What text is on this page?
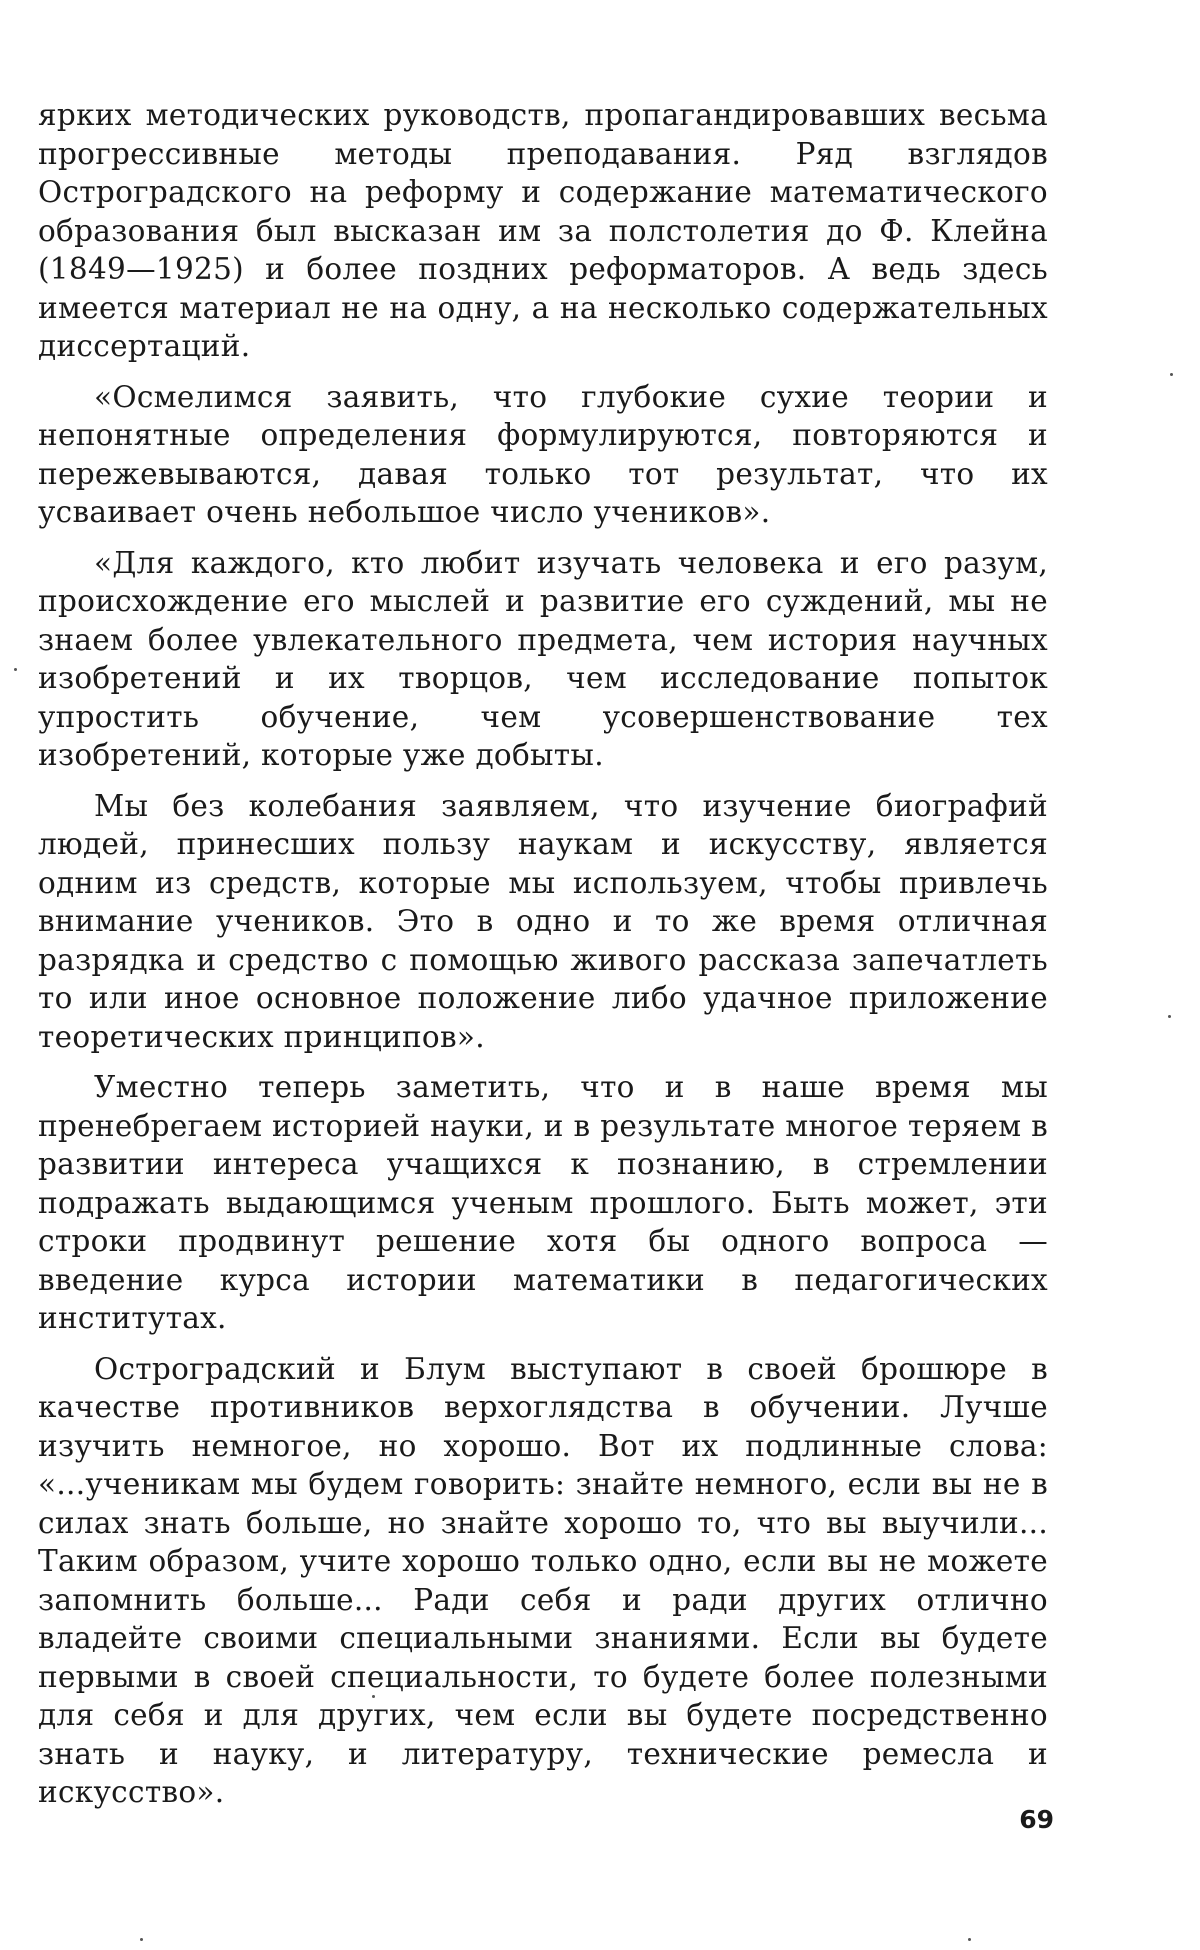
ярких методических руководств, пропагандировавших весьма прогрессивные методы преподавания. Ряд взглядов Остроградского на реформу и содержание математического образования был высказан им за полстолетия до Ф. Клейна (1849—1925) и более поздних реформаторов. А ведь здесь имеется материал не на одну, а на несколько содержательных диссертаций.

«Осмелимся заявить, что глубокие сухие теории и непонятные определения формулируются, повторяются и пережевываются, давая только тот результат, что их усваивает очень небольшое число учеников».

«Для каждого, кто любит изучать человека и его разум, происхождение его мыслей и развитие его суждений, мы не знаем более увлекательного предмета, чем история научных изобретений и их творцов, чем исследование попыток упростить обучение, чем усовершенствование тех изобретений, которые уже добыты.

Мы без колебания заявляем, что изучение биографий людей, принесших пользу наукам и искусству, является одним из средств, которые мы используем, чтобы привлечь внимание учеников. Это в одно и то же время отличная разрядка и средство с помощью живого рассказа запечатлеть то или иное основное положение либо удачное приложение теоретических принципов».

Уместно теперь заметить, что и в наше время мы пренебрегаем историей науки, и в результате многое теряем в развитии интереса учащихся к познанию, в стремлении подражать выдающимся ученым прошлого. Быть может, эти строки продвинут решение хотя бы одного вопроса — введение курса истории математики в педагогических институтах.

Остроградский и Блум выступают в своей брошюре в качестве противников верхоглядства в обучении. Лучше изучить немногое, но хорошо. Вот их подлинные слова: «...ученикам мы будем говорить: знайте немного, если вы не в силах знать больше, но знайте хорошо то, что вы выучили... Таким образом, учите хорошо только одно, если вы не можете запомнить больше... Ради себя и ради других отлично владейте своими специальными знаниями. Если вы будете первыми в своей специальности, то будете более полезными для себя и для других, чем если вы будете посредственно знать и науку, и литературу, технические ремесла и искусство».

69
